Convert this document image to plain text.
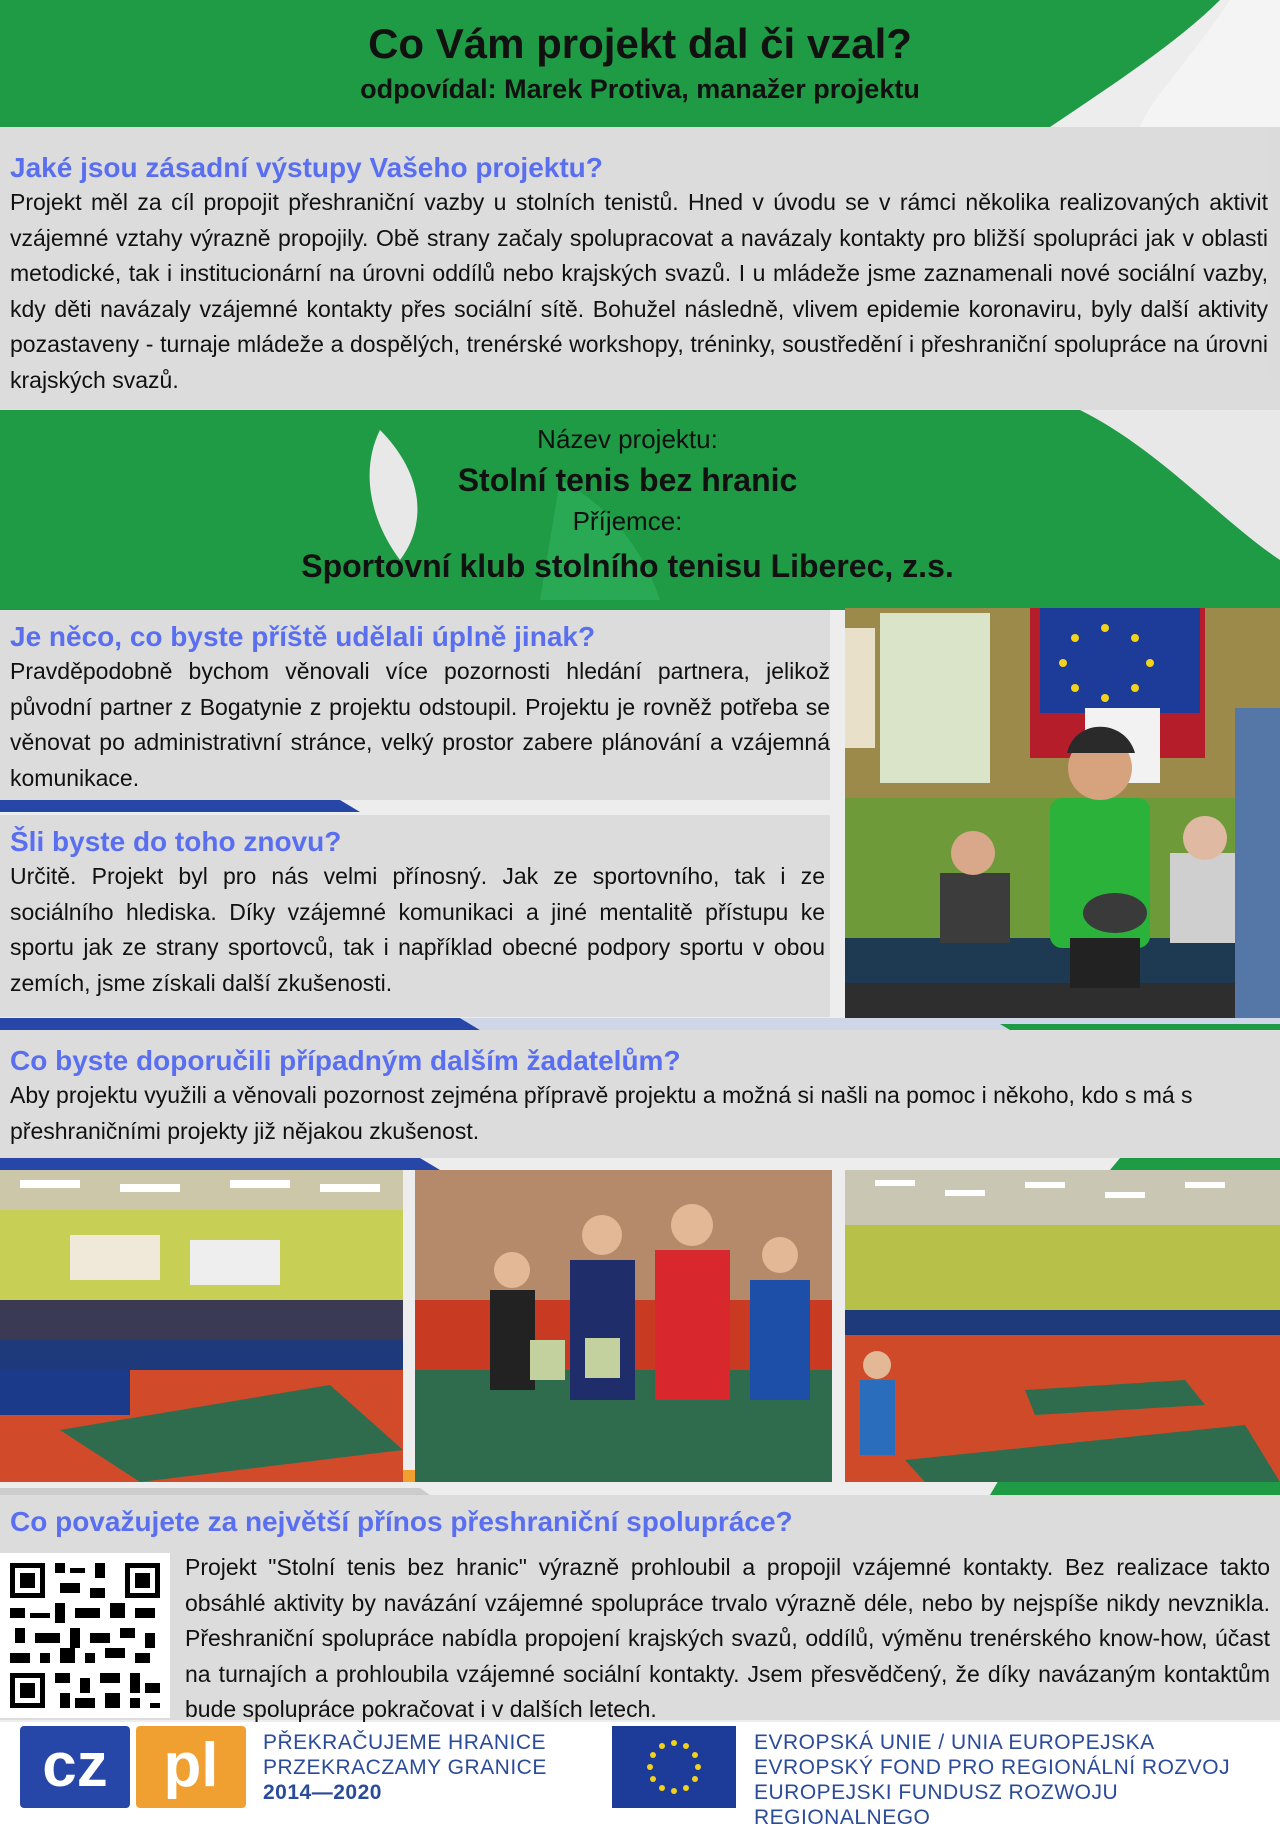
Co Vám projekt dal či vzal?
odpovídal: Marek Protiva, manažer projektu

Jaké jsou zásadní výstupy Vašeho projektu?

Projekt měl za cíl propojit přeshraniční vazby u stolních tenistů. Hned v úvodu se v rámci několika realizovaných aktivit vzájemné vztahy výrazně propojily. Obě strany začaly spolupracovat a navázaly kontakty pro bližší spolupráci jak v oblasti metodické, tak i institucionární na úrovni oddílů nebo krajských svazů. I u mládeže jsme zaznamenali nové sociální vazby, kdy děti navázaly vzájemné kontakty přes sociální sítě. Bohužel následně, vlivem epidemie koronaviru, byly další aktivity pozastaveny - turnaje mládeže a dospělých, trenérské workshopy, tréninky, soustředění i přeshraniční spolupráce na úrovni krajských svazů.

Název projektu:
Stolní tenis bez hranic
Příjemce:
Sportovní klub stolního tenisu Liberec, z.s.

Je něco, co byste příště udělali úplně jinak?

Pravděpodobně bychom věnovali více pozornosti hledání partnera, jelikož původní partner z Bogatynie z projektu odstoupil. Projektu je rovněž potřeba se věnovat po administrativní stránce, velký prostor zabere plánování a vzájemná komunikace.

Šli byste do toho znovu?

Určitě. Projekt byl pro nás velmi přínosný. Jak ze sportovního, tak i ze sociálního hlediska. Díky vzájemné komunikaci a jiné mentalitě přístupu ke sportu jak ze strany sportovců, tak i například obecné podpory sportu v obou zemích, jsme získali další zkušenosti.

Co byste doporučili případným dalším žadatelům?

Aby projektu využili a věnovali pozornost zejména přípravě projektu a možná si našli na pomoc i někoho, kdo s má s přeshraničními projekty již nějakou zkušenost.

Co považujete za největší přínos přeshraniční spolupráce?

Projekt "Stolní tenis bez hranic" výrazně prohloubil a propojil vzájemné kontakty. Bez realizace takto obsáhlé aktivity by navázání vzájemné spolupráce trvalo výrazně déle, nebo by nejspíše nikdy nevznikla. Přeshraniční spolupráce nabídla propojení krajských svazů, oddílů, výměnu trenérského know-how, účast na turnajích a prohloubila vzájemné sociální kontakty. Jsem přesvědčený, že díky navázaným kontaktům bude spolupráce pokračovat i v dalších letech.

cz pl	PŘEKRAČUJEME HRANICE
PRZEKRACZAMY GRANICE
2014—2020
EVROPSKÁ UNIE / UNIA EUROPEJSKA
EVROPSKÝ FOND PRO REGIONÁLNÍ ROZVOJ
EUROPEJSKI FUNDUSZ ROZWOJU REGIONALNEGO
